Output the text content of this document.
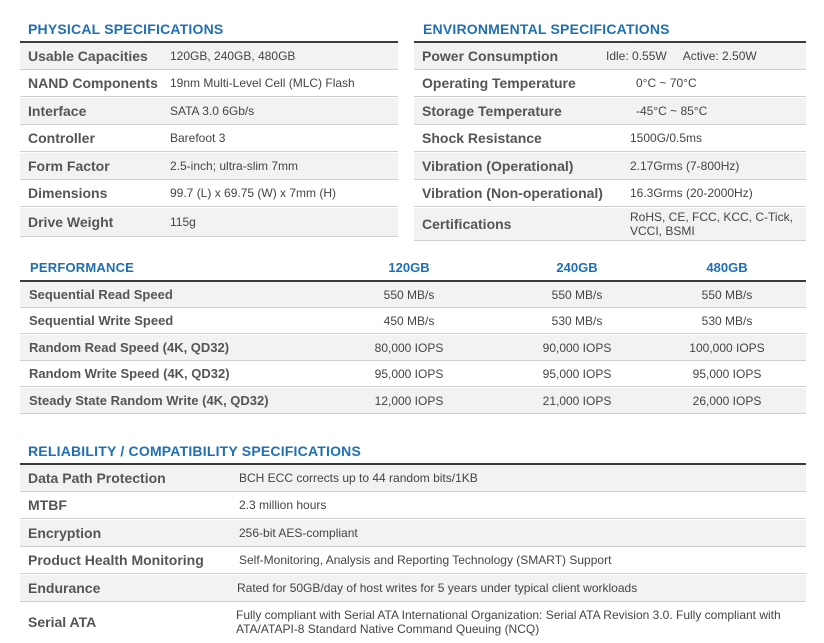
PHYSICAL SPECIFICATIONS
Usable Capacities 120GB, 240GB, 480GB
NAND Components 19nm Multi-Level Cell (MLC) Flash
Interface	SATA 3.0 6Gb/s
Controller	Barefoot 3
Form Factor	2.5-inch; ultra-slim 7mm
Dimensions	99.7 (L) x 69.75 (W) x 7mm (H)
Drive Weight	115g
ENVIRONMENTAL SPECIFICATIONS
Power Consumption	Idle: 0.55W     Active: 2.50W
Operating Temperature	0°C ~ 70°C
Storage Temperature	-45°C ~ 85°C
Shock Resistance	1500G/0.5ms
Vibration (Operational)	2.17Grms (7-800Hz)
Vibration (Non-operational) 16.3Grms (20-2000Hz)
Certifications	RoHS, CE, FCC, KCC, C-Tick, VCCI, BSMI
PERFORMANCE	120GB	240GB	480GB
Sequential Read Speed	550 MB/s	550 MB/s	550 MB/s
Sequential Write Speed	450 MB/s	530 MB/s	530 MB/s
Random Read Speed (4K, QD32)	80,000 IOPS	90,000 IOPS	100,000 IOPS
Random Write Speed (4K, QD32)	95,000 IOPS	95,000 IOPS	95,000 IOPS
Steady State Random Write (4K, QD32)	12,000 IOPS	21,000 IOPS	26,000 IOPS
RELIABILITY / COMPATIBILITY SPECIFICATIONS
Data Path Protection	BCH ECC corrects up to 44 random bits/1KB
MTBF	2.3 million hours
Encryption	256-bit AES-compliant
Product Health Monitoring	Self-Monitoring, Analysis and Reporting Technology (SMART) Support
Endurance	Rated for 50GB/day of host writes for 5 years under typical client workloads
Serial ATA	Fully compliant with Serial ATA International Organization: Serial ATA Revision 3.0. Fully compliant with ATA/ATAPI-8 Standard Native Command Queuing (NCQ)
